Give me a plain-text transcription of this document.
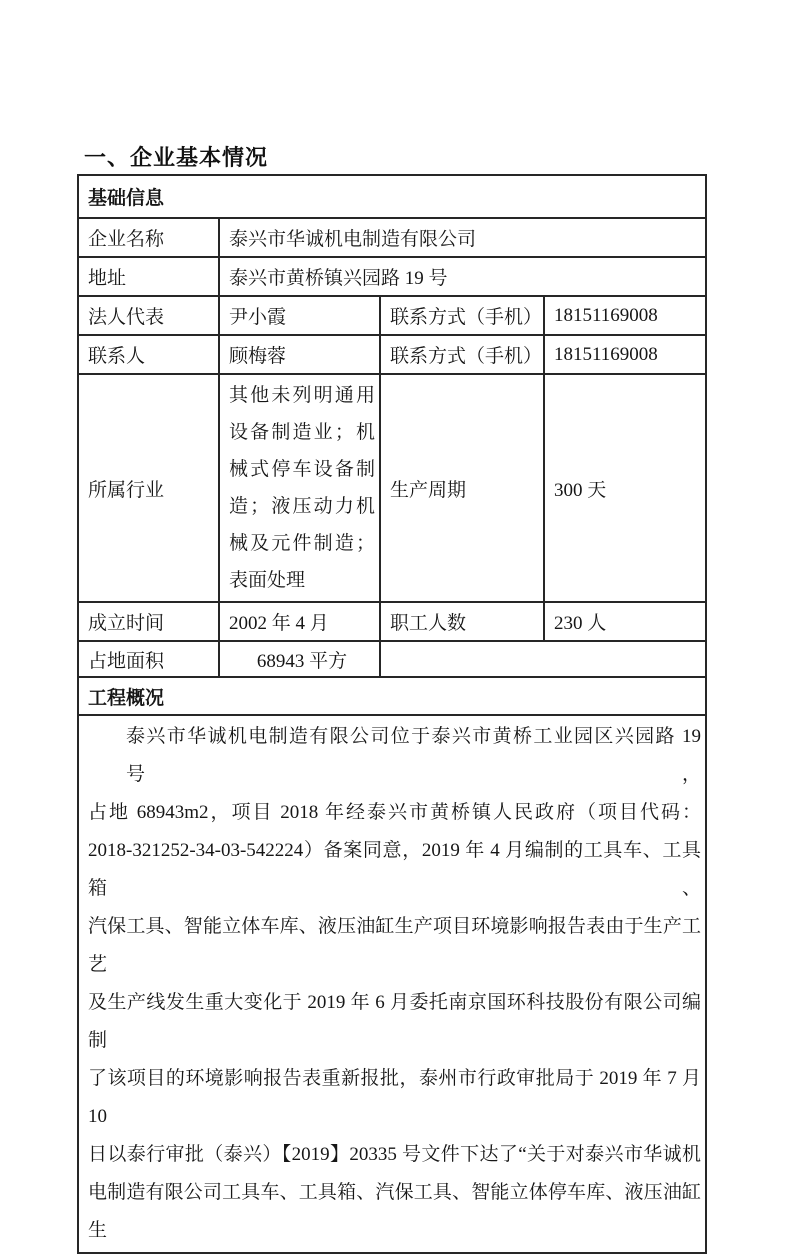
一、企业基本情况
基础信息			
企业名称	泰兴市华诚机电制造有限公司		
地址	泰兴市黄桥镇兴园路 19 号		
法人代表	尹小霞	联系方式（手机）	18151169008
联系人	顾梅蓉	联系方式（手机）	18151169008
所属行业	其他未列明通用设备制造业；机械式停车设备制造；液压动力机械及元件制造；表面处理	生产周期	300 天
成立时间	2002 年 4 月	职工人数	230 人
占地面积	68943 平方		
工程概况			

泰兴市华诚机电制造有限公司位于泰兴市黄桥工业园区兴园路 19 号，
占地 68943m2，项目 2018 年经泰兴市黄桥镇人民政府（项目代码：
2018-321252-34-03-542224）备案同意，2019 年 4 月编制的工具车、工具箱、
汽保工具、智能立体车库、液压油缸生产项目环境影响报告表由于生产工艺
及生产线发生重大变化于 2019 年 6 月委托南京国环科技股份有限公司编制
了该项目的环境影响报告表重新报批，泰州市行政审批局于 2019 年 7 月 10
日以泰行审批（泰兴）【2019】20335 号文件下达了“关于对泰兴市华诚机
电制造有限公司工具车、工具箱、汽保工具、智能立体停车库、液压油缸生
